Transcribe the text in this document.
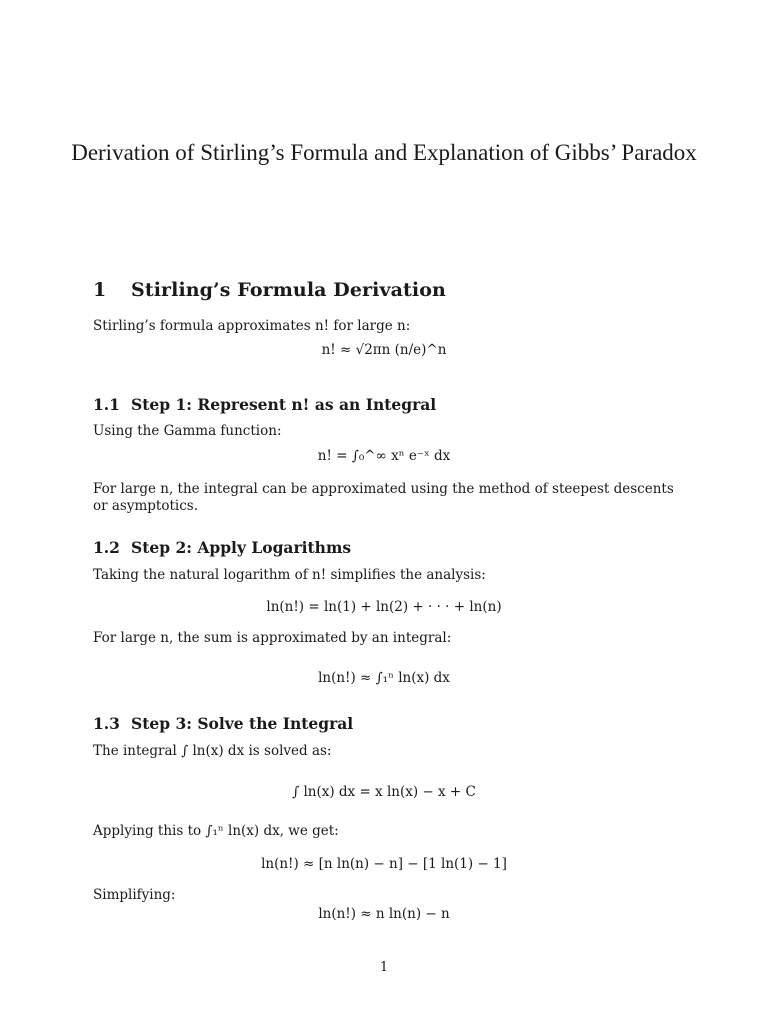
Derivation of Stirling’s Formula and Explanation of Gibbs’ Paradox
1 Stirling’s Formula Derivation
Stirling’s formula approximates n! for large n:
n! ≈ √2πn (n/e)^n
1.1 Step 1: Represent n! as an Integral
Using the Gamma function:
n! = ∫₀^∞ xⁿ e⁻ˣ dx
For large n, the integral can be approximated using the method of steepest descents or asymptotics.
1.2 Step 2: Apply Logarithms
Taking the natural logarithm of n! simplifies the analysis:
ln(n!) = ln(1) + ln(2) + · · · + ln(n)
For large n, the sum is approximated by an integral:
ln(n!) ≈ ∫₁ⁿ ln(x) dx
1.3 Step 3: Solve the Integral
The integral ∫ ln(x) dx is solved as:
∫ ln(x) dx = x ln(x) − x + C
Applying this to ∫₁ⁿ ln(x) dx, we get:
ln(n!) ≈ [n ln(n) − n] − [1 ln(1) − 1]
Simplifying:
ln(n!) ≈ n ln(n) − n
1
